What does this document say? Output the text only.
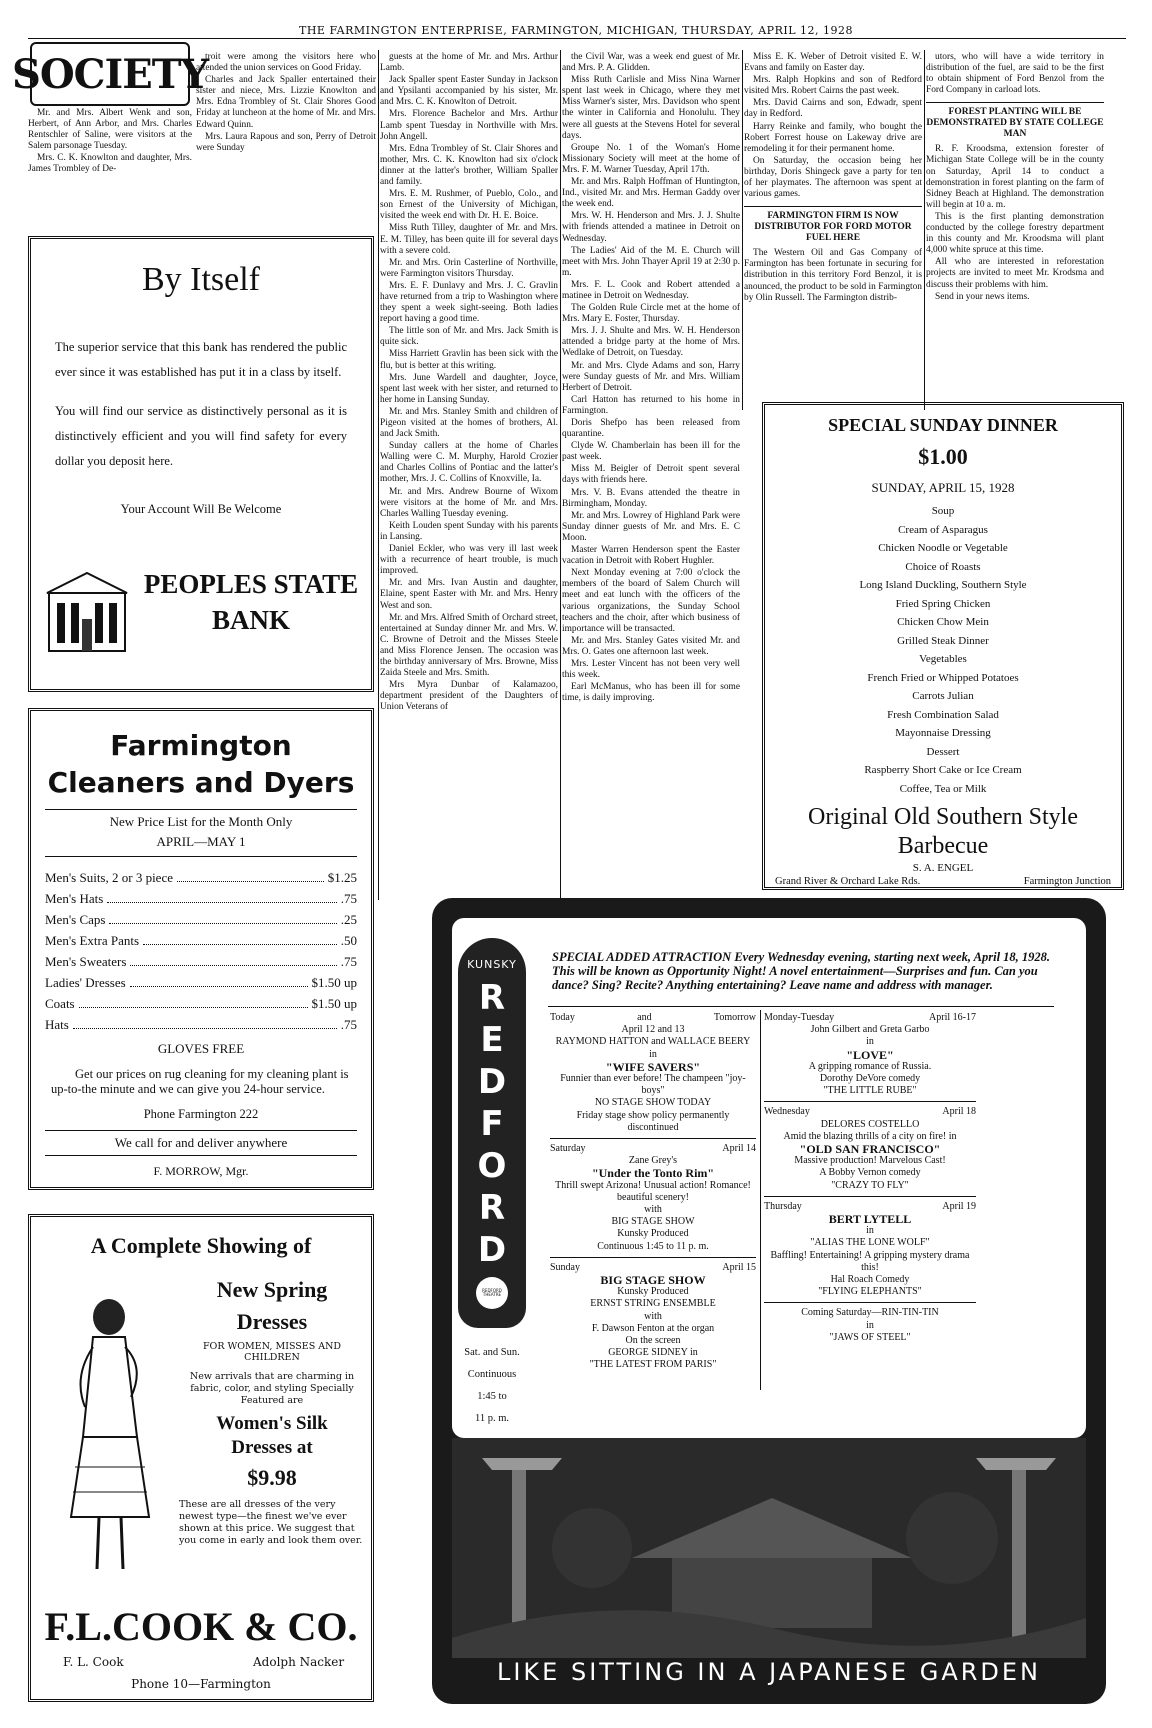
THE FARMINGTON ENTERPRISE, FARMINGTON, MICHIGAN, THURSDAY, APRIL 12, 1928
SOCIETY

Mr. and Mrs. Albert Wenk and son, Herbert, of Ann Arbor, and Mrs. Charles Rentschler of Saline, were visitors at the Salem parsonage Tuesday.

Mrs. C. K. Knowlton and daughter, Mrs. James Trombley of De-

troit were among the visitors here who attended the union services on Good Friday.

Charles and Jack Spaller entertained their sister and niece, Mrs. Lizzie Knowlton and Mrs. Edna Trombley of St. Clair Shores Good Friday at luncheon at the home of Mr. and Mrs. Edward Quinn.

Mrs. Laura Rapous and son, Perry of Detroit were Sunday

guests at the home of Mr. and Mrs. Arthur Lamb.

Jack Spaller spent Easter Sunday in Jackson and Ypsilanti accompanied by his sister, Mr. and Mrs. C. K. Knowlton of Detroit.

Mrs. Florence Bachelor and Mrs. Arthur Lamb spent Tuesday in Northville with Mrs. John Angell.

Mrs. Edna Trombley of St. Clair Shores and mother, Mrs. C. K. Knowlton had six o'clock dinner at the latter's brother, William Spaller and family.

Mrs. E. M. Rushmer, of Pueblo, Colo., and son Ernest of the University of Michigan, visited the week end with Dr. H. E. Boice.

Miss Ruth Tilley, daughter of Mr. and Mrs. E. M. Tilley, has been quite ill for several days with a severe cold.

Mr. and Mrs. Orin Casterline of Northville, were Farmington visitors Thursday.

Mrs. E. F. Dunlavy and Mrs. J. C. Gravlin have returned from a trip to Washington where they spent a week sight-seeing. Both ladies report having a good time.

The little son of Mr. and Mrs. Jack Smith is quite sick.

Miss Harriett Gravlin has been sick with the flu, but is better at this writing.

Mrs. June Wardell and daughter, Joyce, spent last week with her sister, and returned to her home in Lansing Sunday.

Mr. and Mrs. Stanley Smith and children of Pigeon visited at the homes of brothers, Al. and Jack Smith.

Sunday callers at the home of Charles Walling were C. M. Murphy, Harold Crozier and Charles Collins of Pontiac and the latter's mother, Mrs. J. C. Collins of Knoxville, Ia.

Mr. and Mrs. Andrew Bourne of Wixom were visitors at the home of Mr. and Mrs. Charles Walling Tuesday evening.

Keith Louden spent Sunday with his parents in Lansing.

Daniel Eckler, who was very ill last week with a recurrence of heart trouble, is much improved.

Mr. and Mrs. Ivan Austin and daughter, Elaine, spent Easter with Mr. and Mrs. Henry West and son.

Mr. and Mrs. Alfred Smith of Orchard street, entertained at Sunday dinner Mr. and Mrs. W. C. Browne of Detroit and the Misses Steele and Miss Florence Jensen. The occasion was the birthday anniversary of Mrs. Browne, Miss Zaida Steele and Mrs. Smith.

Mrs Myra Dunbar of Kalamazoo, department president of the Daughters of Union Veterans of

the Civil War, was a week end guest of Mr. and Mrs. P. A. Glidden.

Miss Ruth Carlisle and Miss Nina Warner spent last week in Chicago, where they met Miss Warner's sister, Mrs. Davidson who spent the winter in California and Honolulu. They were all guests at the Stevens Hotel for several days.

Groupe No. 1 of the Woman's Home Missionary Society will meet at the home of Mrs. F. M. Warner Tuesday, April 17th.

Mr. and Mrs. Ralph Hoffman of Huntington, Ind., visited Mr. and Mrs. Herman Gaddy over the week end.

Mrs. W. H. Henderson and Mrs. J. J. Shulte with friends attended a matinee in Detroit on Wednesday.

The Ladies' Aid of the M. E. Church will meet with Mrs. John Thayer April 19 at 2:30 p. m.

Mrs. F. L. Cook and Robert attended a matinee in Detroit on Wednesday.

The Golden Rule Circle met at the home of Mrs. Mary E. Foster, Thursday.

Mrs. J. J. Shulte and Mrs. W. H. Henderson attended a bridge party at the home of Mrs. Wedlake of Detroit, on Tuesday.

Mr. and Mrs. Clyde Adams and son, Harry were Sunday guests of Mr. and Mrs. William Herbert of Detroit.

Carl Hatton has returned to his home in Farmington.

Doris Shefpo has been released from quarantine.

Clyde W. Chamberlain has been ill for the past week.

Miss M. Beigler of Detroit spent several days with friends here.

Mrs. V. B. Evans attended the theatre in Birmingham, Monday.

Mr. and Mrs. Lowrey of Highland Park were Sunday dinner guests of Mr. and Mrs. E. C Moon.

Master Warren Henderson spent the Easter vacation in Detroit with Robert Hughler.

Next Monday evening at 7:00 o'clock the members of the board of Salem Church will meet and eat lunch with the officers of the various organizations, the Sunday School teachers and the choir, after which business of importance will be transacted.

Mr. and Mrs. Stanley Gates visited Mr. and Mrs. O. Gates one afternoon last week.

Mrs. Lester Vincent has not been very well this week.

Earl McManus, who has been ill for some time, is daily improving.

Miss E. K. Weber of Detroit visited E. W. Evans and family on Easter day.

Mrs. Ralph Hopkins and son of Redford visited Mrs. Robert Cairns the past week.

Mrs. David Cairns and son, Edwadr, spent day in Redford.

Harry Reinke and family, who bought the Robert Forrest house on Lakeway drive are remodeling it for their permanent home.

On Saturday, the occasion being her birthday, Doris Shingeck gave a party for ten of her playmates. The afternoon was spent at various games.

FARMINGTON FIRM IS NOW DISTRIBUTOR FOR FORD MOTOR FUEL HERE

The Western Oil and Gas Company of Farmington has been fortunate in securing for distribution in this territory Ford Benzol, it is anounced, the product to be sold in Farmington by Olin Russell. The Farmington distrib-

utors, who will have a wide territory in distribution of the fuel, are said to be the first to obtain shipment of Ford Benzol from the Ford Company in carload lots.

FOREST PLANTING WILL BE DEMONSTRATED BY STATE COLLEGE MAN

R. F. Kroodsma, extension forester of Michigan State College will be in the county on Saturday, April 14 to conduct a demonstration in forest planting on the farm of Sidney Beach at Highland. The demonstration will begin at 10 a. m.

This is the first planting demonstration conducted by the college forestry department in this county and Mr. Kroodsma will plant 4,000 white spruce at this time.

All who are interested in reforestation projects are invited to meet Mr. Krodsma and discuss their problems with him.

Send in your news items.

By Itself
The superior service that this bank has rendered the public ever since it was established has put it in a class by itself.
You will find our service as distinctively personal as it is distinctively efficient and you will find safety for every dollar you deposit here.
Your Account Will Be Welcome
PEOPLES STATE
BANK
Farmington
Cleaners and Dyers
New Price List for the Month Only
APRIL—MAY 1
Men's Suits, 2 or 3 piece	$1.25
Men's Hats	.75
Men's Caps	.25
Men's Extra Pants	.50
Men's Sweaters	.75
Ladies' Dresses	$1.50 up
Coats	$1.50 up
Hats	.75
GLOVES FREE
Get our prices on rug cleaning for my cleaning plant is up-to-the minute and we can give you 24-hour service.
Phone Farmington 222
We call for and deliver anywhere
F. MORROW, Mgr.
A Complete Showing of
New Spring
Dresses
FOR WOMEN, MISSES AND CHILDREN
New arrivals that are charming in fabric, color, and styling Specially Featured are
Women's Silk
Dresses at
$9.98
These are all dresses of the very newest type—the finest we've ever shown at this price. We suggest that you come in early and look them over.
F.L.COOK & CO.
F. L. Cook	Adolph Nacker
Phone 10—Farmington
SPECIAL SUNDAY DINNER
$1.00
SUNDAY, APRIL 15, 1928
Soup
Cream of Asparagus
Chicken Noodle or Vegetable
Choice of Roasts
Long Island Duckling, Southern Style
Fried Spring Chicken
Chicken Chow Mein
Grilled Steak Dinner
Vegetables
French Fried or Whipped Potatoes
Carrots Julian
Fresh Combination Salad
Mayonnaise Dressing
Dessert
Raspberry Short Cake or Ice Cream
Coffee, Tea or Milk
Original Old Southern Style
Barbecue
S. A. ENGEL
Grand River & Orchard Lake Rds.	Farmington Junction
LIKE SITTING IN A JAPANESE GARDEN
KUNSKY
R
E
D
F
O
R
D
REDFORD THEATRE
Sat. and Sun.
Continuous
1:45 to
11 p. m.
SPECIAL ADDED ATTRACTION Every Wednesday evening, starting next week, April 18, 1928. This will be known as Opportunity Night! A novel entertainment—Surprises and fun. Can you dance? Sing? Recite? Anything entertaining? Leave name and address with manager.
Today	and	Tomorrow
April 12 and 13
RAYMOND HATTON and WALLACE BEERY
in
"WIFE SAVERS"
Funnier than ever before! The champeen "joy-boys"
NO STAGE SHOW TODAY
Friday stage show policy permanently discontinued
Saturday	April 14
Zane Grey's
"Under the Tonto Rim"
Thrill swept Arizona! Unusual action! Romance! beautiful scenery!
with
BIG STAGE SHOW
Kunsky Produced
Continuous 1:45 to 11 p. m.
Sunday	April 15
BIG STAGE SHOW
Kunsky Produced
ERNST STRING ENSEMBLE
with
F. Dawson Fenton at the organ
On the screen
GEORGE SIDNEY in
"THE LATEST FROM PARIS"
Monday-Tuesday	April 16-17
John Gilbert and Greta Garbo
in
"LOVE"
A gripping romance of Russia.
Dorothy DeVore comedy
"THE LITTLE RUBE"
Wednesday	April 18
DELORES COSTELLO
Amid the blazing thrills of a city on fire! in
"OLD SAN FRANCISCO"
Massive production! Marvelous Cast!
A Bobby Vernon comedy
"CRAZY TO FLY"
Thursday	April 19
BERT LYTELL
in
"ALIAS THE LONE WOLF"
Baffling! Entertaining! A gripping mystery drama this!
Hal Roach Comedy
"FLYING ELEPHANTS"
Coming Saturday—RIN-TIN-TIN
in
"JAWS OF STEEL"
